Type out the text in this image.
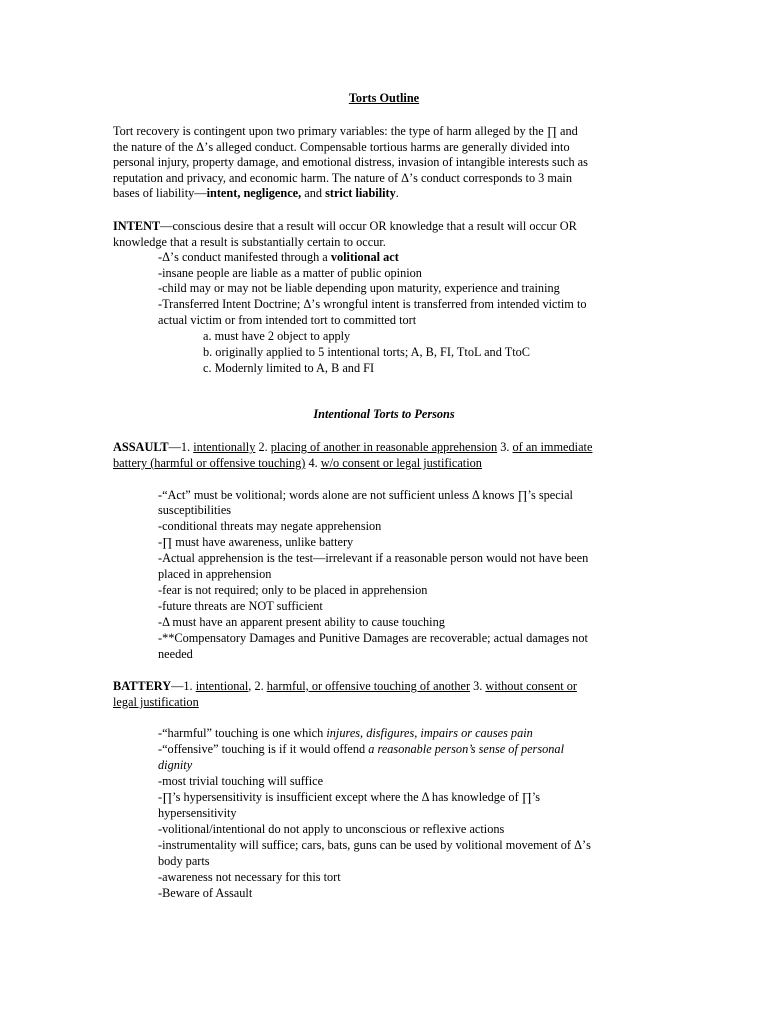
Torts Outline
Tort recovery is contingent upon two primary variables: the type of harm alleged by the ∏ and
the nature of the Δ’s alleged conduct. Compensable tortious harms are generally divided into
personal injury, property damage, and emotional distress, invasion of intangible interests such as
reputation and privacy, and economic harm. The nature of Δ’s conduct corresponds to 3 main
bases of liability—intent, negligence, and strict liability.
INTENT—conscious desire that a result will occur OR knowledge that a result will occur OR
knowledge that a result is substantially certain to occur.
-Δ’s conduct manifested through a volitional act
-insane people are liable as a matter of public opinion
-child may or may not be liable depending upon maturity, experience and training
-Transferred Intent Doctrine; Δ’s wrongful intent is transferred from intended victim to
actual victim or from intended tort to committed tort
a. must have 2 object to apply
b. originally applied to 5 intentional torts; A, B, FI, TtoL and TtoC
c. Modernly limited to A, B and FI
Intentional Torts to Persons
ASSAULT—1. intentionally 2. placing of another in reasonable apprehension 3. of an immediate
battery (harmful or offensive touching) 4. w/o consent or legal justification
-“Act” must be volitional; words alone are not sufficient unless Δ knows ∏’s special
susceptibilities
-conditional threats may negate apprehension
-∏ must have awareness, unlike battery
-Actual apprehension is the test—irrelevant if a reasonable person would not have been
placed in apprehension
-fear is not required; only to be placed in apprehension
-future threats are NOT sufficient
-Δ must have an apparent present ability to cause touching
-**Compensatory Damages and Punitive Damages are recoverable; actual damages not
needed
BATTERY—1. intentional, 2. harmful, or offensive touching of another 3. without consent or
legal justification
-“harmful” touching is one which injures, disfigures, impairs or causes pain
-“offensive” touching is if it would offend a reasonable person’s sense of personal
dignity
-most trivial touching will suffice
-∏’s hypersensitivity is insufficient except where the Δ has knowledge of ∏’s
hypersensitivity
-volitional/intentional do not apply to unconscious or reflexive actions
-instrumentality will suffice; cars, bats, guns can be used by volitional movement of Δ’s
body parts
-awareness not necessary for this tort
-Beware of Assault
